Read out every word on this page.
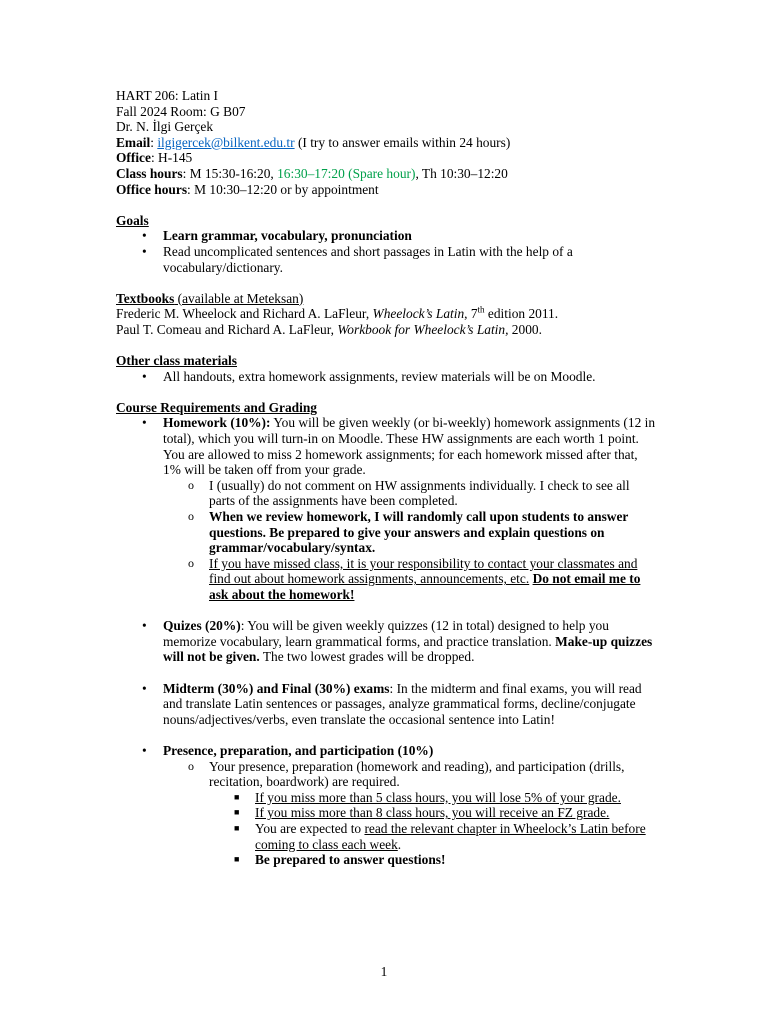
HART 206: Latin I
Fall 2024 Room: G B07
Dr. N. İlgi Gerçek
Email: ilgigercek@bilkent.edu.tr (I try to answer emails within 24 hours)
Office: H-145
Class hours: M 15:30-16:20, 16:30–17:20 (Spare hour), Th 10:30–12:20
Office hours: M 10:30–12:20 or by appointment
Goals
• Learn grammar, vocabulary, pronunciation
• Read uncomplicated sentences and short passages in Latin with the help of a vocabulary/dictionary.
Textbooks (available at Meteksan)
Frederic M. Wheelock and Richard A. LaFleur, Wheelock’s Latin, 7th edition 2011.
Paul T. Comeau and Richard A. LaFleur, Workbook for Wheelock’s Latin, 2000.
Other class materials
• All handouts, extra homework assignments, review materials will be on Moodle.
Course Requirements and Grading
• Homework (10%): You will be given weekly (or bi-weekly) homework assignments (12 in total), which you will turn-in on Moodle. These HW assignments are each worth 1 point. You are allowed to miss 2 homework assignments; for each homework missed after that, 1% will be taken off from your grade.
o I (usually) do not comment on HW assignments individually. I check to see all parts of the assignments have been completed.
o When we review homework, I will randomly call upon students to answer questions. Be prepared to give your answers and explain questions on grammar/vocabulary/syntax.
o If you have missed class, it is your responsibility to contact your classmates and find out about homework assignments, announcements, etc. Do not email me to ask about the homework!
• Quizes (20%): You will be given weekly quizzes (12 in total) designed to help you memorize vocabulary, learn grammatical forms, and practice translation. Make-up quizzes will not be given. The two lowest grades will be dropped.
• Midterm (30%) and Final (30%) exams: In the midterm and final exams, you will read and translate Latin sentences or passages, analyze grammatical forms, decline/conjugate nouns/adjectives/verbs, even translate the occasional sentence into Latin!
• Presence, preparation, and participation (10%)
o Your presence, preparation (homework and reading), and participation (drills, recitation, boardwork) are required.
■ If you miss more than 5 class hours, you will lose 5% of your grade.
■ If you miss more than 8 class hours, you will receive an FZ grade.
■ You are expected to read the relevant chapter in Wheelock’s Latin before coming to class each week.
■ Be prepared to answer questions!
1
